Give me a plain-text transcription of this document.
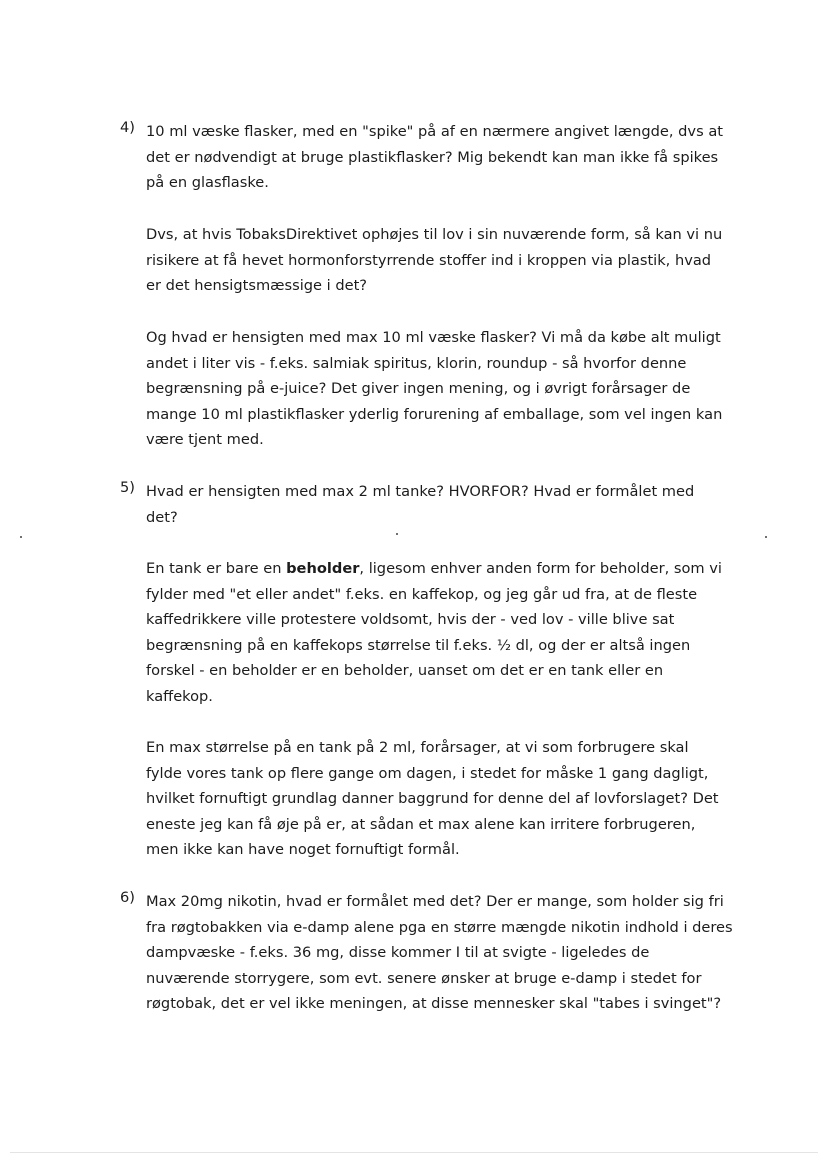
4) 10 ml væske flasker, med en "spike" på af en nærmere angivet længde, dvs at
det er nødvendigt at bruge plastikflasker? Mig bekendt kan man ikke få spikes
på en glasflaske.
Dvs, at hvis TobaksDirektivet ophøjes til lov i sin nuværende form, så kan vi nu
risikere at få hevet hormonforstyrrende stoffer ind i kroppen via plastik, hvad
er det hensigtsmæssige i det?
Og hvad er hensigten med max 10 ml væske flasker? Vi må da købe alt muligt
andet i liter vis - f.eks. salmiak spiritus, klorin, roundup - så hvorfor denne
begrænsning på e-juice? Det giver ingen mening, og i øvrigt forårsager de
mange 10 ml plastikflasker yderlig forurening af emballage, som vel ingen kan
være tjent med.
5) Hvad er hensigten med max 2 ml tanke? HVORFOR? Hvad er formålet med
det?
En tank er bare en beholder, ligesom enhver anden form for beholder, som vi
fylder med "et eller andet" f.eks. en kaffekop, og jeg går ud fra, at de fleste
kaffedrikkere ville protestere voldsomt, hvis der - ved lov - ville blive sat
begrænsning på en kaffekops størrelse til f.eks. ½ dl, og der er altså ingen
forskel - en beholder er en beholder, uanset om det er en tank eller en
kaffekop.
En max størrelse på en tank på 2 ml, forårsager, at vi som forbrugere skal
fylde vores tank op flere gange om dagen, i stedet for måske 1 gang dagligt,
hvilket fornuftigt grundlag danner baggrund for denne del af lovforslaget? Det
eneste jeg kan få øje på er, at sådan et max alene kan irritere forbrugeren,
men ikke kan have noget fornuftigt formål.
6) Max 20mg nikotin, hvad er formålet med det? Der er mange, som holder sig fri
fra røgtobakken via e-damp alene pga en større mængde nikotin indhold i deres
dampvæske - f.eks. 36 mg, disse kommer I til at svigte - ligeledes de
nuværende storrygere, som evt. senere ønsker at bruge e-damp i stedet for
røgtobak, det er vel ikke meningen, at disse mennesker skal "tabes i svinget"?
